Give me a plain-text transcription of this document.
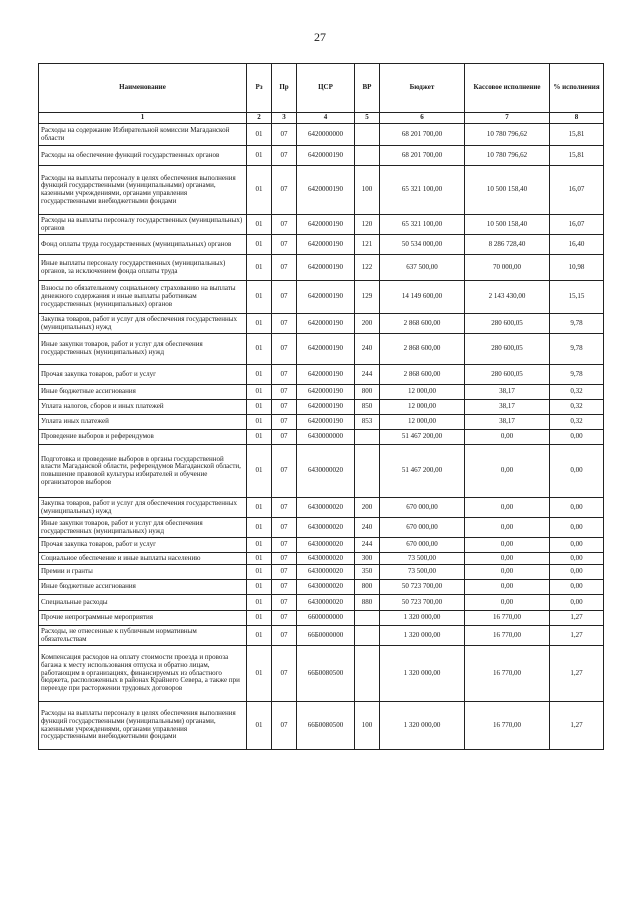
27
Наименование	Рз	Пр	ЦСР	ВР	Бюджет	Кассовое исполнение	% исполнения
1	2	3	4	5	6	7	8
Расходы на содержание Избирательной комиссии Магаданской области	01	07	6420000000		68 201 700,00	10 780 796,62	15,81
Расходы на обеспечение функций государственных органов	01	07	6420000190		68 201 700,00	10 780 796,62	15,81
Расходы на выплаты персоналу в целях обеспечения выполнения функций государственными (муниципальными) органами, казенными учреждениями, органами управления государственными внебюджетными фондами	01	07	6420000190	100	65 321 100,00	10 500 158,40	16,07
Расходы на выплаты персоналу государственных (муниципальных) органов	01	07	6420000190	120	65 321 100,00	10 500 158,40	16,07
Фонд оплаты труда государственных (муниципальных) органов	01	07	6420000190	121	50 534 000,00	8 286 728,40	16,40
Иные выплаты персоналу государственных (муниципальных) органов, за исключением фонда оплаты труда	01	07	6420000190	122	637 500,00	70 000,00	10,98
Взносы по обязательному социальному страхованию на выплаты денежного содержания и иные выплаты работникам государственных (муниципальных) органов	01	07	6420000190	129	14 149 600,00	2 143 430,00	15,15
Закупка товаров, работ и услуг для обеспечения государственных (муниципальных) нужд	01	07	6420000190	200	2 868 600,00	280 600,05	9,78
Иные закупки товаров, работ и услуг для обеспечения государственных (муниципальных) нужд	01	07	6420000190	240	2 868 600,00	280 600,05	9,78
Прочая закупка товаров, работ и услуг	01	07	6420000190	244	2 868 600,00	280 600,05	9,78
Иные бюджетные ассигнования	01	07	6420000190	800	12 000,00	38,17	0,32
Уплата налогов, сборов и иных платежей	01	07	6420000190	850	12 000,00	38,17	0,32
Уплата иных платежей	01	07	6420000190	853	12 000,00	38,17	0,32
Проведение выборов и референдумов	01	07	6430000000		51 467 200,00	0,00	0,00
Подготовка и проведение выборов в органы государственной власти Магаданской области, референдумов Магаданской области, повышение правовой культуры избирателей и обучение организаторов выборов	01	07	6430000020		51 467 200,00	0,00	0,00
Закупка товаров, работ и услуг для обеспечения государственных (муниципальных) нужд	01	07	6430000020	200	670 000,00	0,00	0,00
Иные закупки товаров, работ и услуг для обеспечения государственных (муниципальных) нужд	01	07	6430000020	240	670 000,00	0,00	0,00
Прочая закупка товаров, работ и услуг	01	07	6430000020	244	670 000,00	0,00	0,00
Социальное обеспечение и иные выплаты населению	01	07	6430000020	300	73 500,00	0,00	0,00
Премии и гранты	01	07	6430000020	350	73 500,00	0,00	0,00
Иные бюджетные ассигнования	01	07	6430000020	800	50 723 700,00	0,00	0,00
Специальные расходы	01	07	6430000020	880	50 723 700,00	0,00	0,00
Прочие непрограммные мероприятия	01	07	6600000000		1 320 000,00	16 770,00	1,27
Расходы, не отнесенные к публичным нормативным обязательствам	01	07	66Б0000000		1 320 000,00	16 770,00	1,27
Компенсация расходов на оплату стоимости проезда и провоза багажа к месту использования отпуска и обратно лицам, работающим в организациях, финансируемых из областного бюджета, расположенных в районах Крайнего Севера, а также при переезде при расторжении трудовых договоров	01	07	66Б0080500		1 320 000,00	16 770,00	1,27
Расходы на выплаты персоналу в целях обеспечения выполнения функций государственными (муниципальными) органами, казенными учреждениями, органами управления государственными внебюджетными фондами	01	07	66Б0080500	100	1 320 000,00	16 770,00	1,27
